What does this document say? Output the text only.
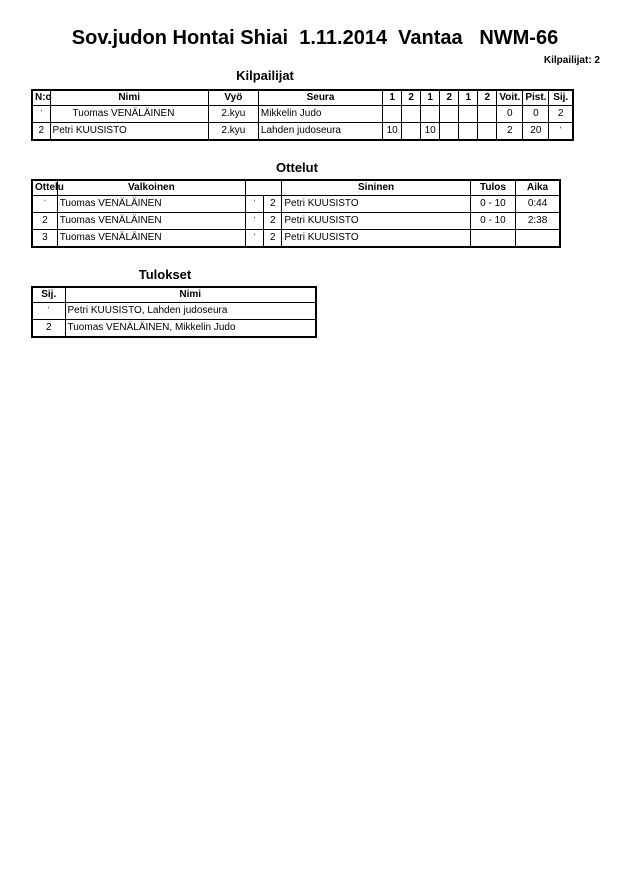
Sov.judon Hontai Shiai  1.11.2014  Vantaa   NWM-66
Kilpailijat: 2
Kilpailijat
N:o	Nimi	Vyö	Seura	1	2	1	2	1	2	Voit.	Pist.	Sij.
ʼ	Tuomas VENÄLÄINEN	2.kyu	Mikkelin Judo							0	0	2
2	Petri KUUSISTO	2.kyu	Lahden judoseura	10		10				2	20	ʼ
Ottelut
Ottelu	Valkoinen			Sininen	Tulos	Aika
ʼ	Tuomas VENÄLÄINEN	ʼ	2	Petri KUUSISTO	0 - 10	0:44
2	Tuomas VENÄLÄINEN	ʼ	2	Petri KUUSISTO	0 - 10	2:38
3	Tuomas VENÄLÄINEN	ʼ	2	Petri KUUSISTO		
Tulokset
Sij.	Nimi
ʼ	Petri KUUSISTO, Lahden judoseura
2	Tuomas VENÄLÄINEN, Mikkelin Judo
